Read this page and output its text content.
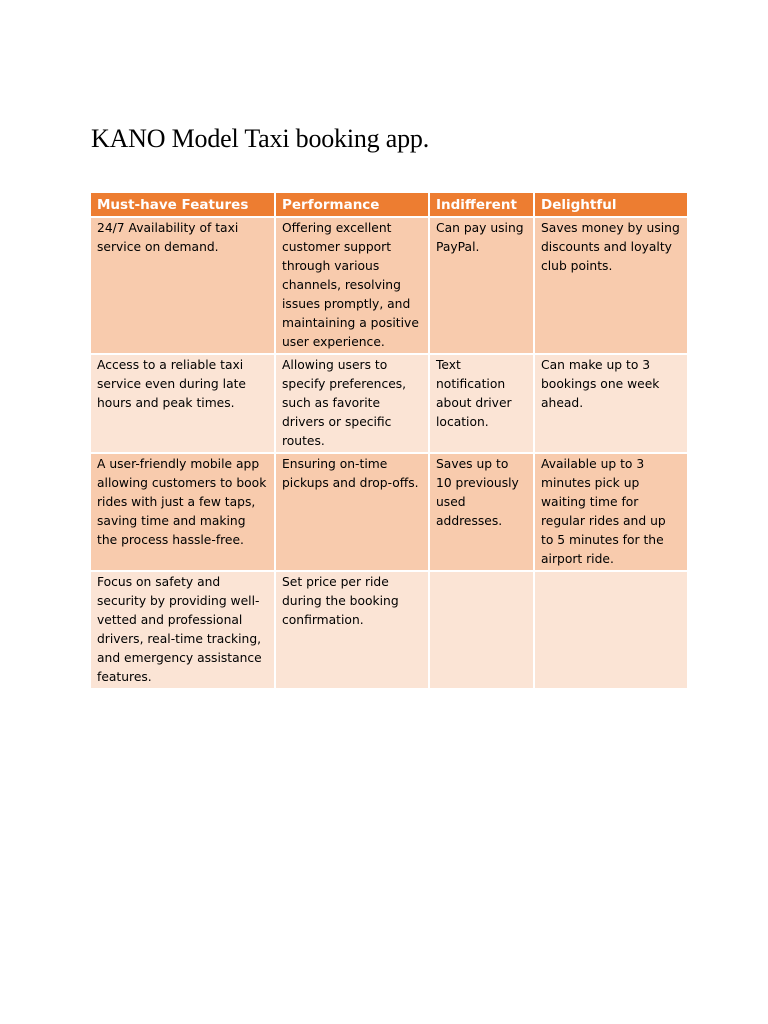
KANO Model Taxi booking app.
Must-have Features	Performance	Indifferent	Delightful
24/7 Availability of taxi service on demand.	Offering excellent customer support through various channels, resolving issues promptly, and maintaining a positive user experience.	Can pay using PayPal.	Saves money by using discounts and loyalty club points.
Access to a reliable taxi service even during late hours and peak times.	Allowing users to specify preferences, such as favorite drivers or specific routes.	Text notification about driver location.	Can make up to 3 bookings one week ahead.
A user-friendly mobile app allowing customers to book rides with just a few taps, saving time and making the process hassle-free.	Ensuring on-time pickups and drop-offs.	Saves up to 10 previously used addresses.	Available up to 3 minutes pick up waiting time for regular rides and up to 5 minutes for the airport ride.
Focus on safety and security by providing well-vetted and professional drivers, real-time tracking, and emergency assistance features.	Set price per ride during the booking confirmation.		
